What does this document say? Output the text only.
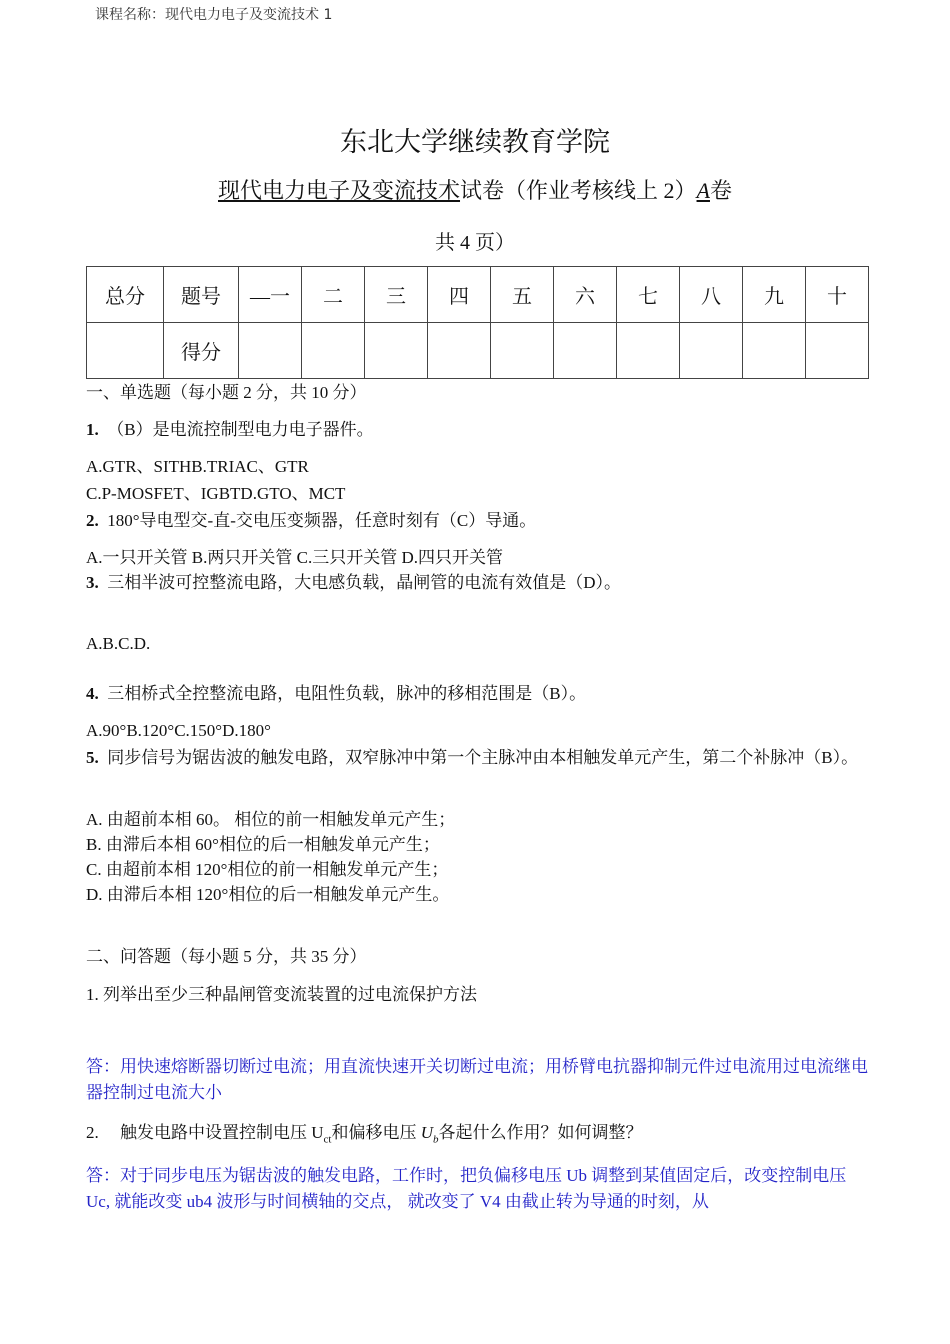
课程名称：现代电力电子及变流技术 1
东北大学继续教育学院
现代电力电子及变流技术试卷（作业考核线上 2）A卷
共 4 页）
总分	题号	—一	二	三	四	五	六	七	八	九	十
	得分										
一、单选题（每小题 2 分，共 10 分）
1. （B）是电流控制型电力电子器件。
A.GTR、SITHB.TRIAC、GTR
C.P-MOSFET、IGBTD.GTO、MCT
2. 180°导电型交-直-交电压变频器，任意时刻有（C）导通。
A.一只开关管 B.两只开关管 C.三只开关管 D.四只开关管
3. 三相半波可控整流电路，大电感负载，晶闸管的电流有效值是（D）。
A.B.C.D.
4. 三相桥式全控整流电路，电阻性负载，脉冲的移相范围是（B）。
A.90°B.120°C.150°D.180°
5. 同步信号为锯齿波的触发电路，双窄脉冲中第一个主脉冲由本相触发单元产生，第二个补脉冲（B）。
A. 由超前本相 60。 相位的前一相触发单元产生；
B. 由滞后本相 60°相位的后一相触发单元产生；
C. 由超前本相 120°相位的前一相触发单元产生；
D. 由滞后本相 120°相位的后一相触发单元产生。
二、问答题（每小题 5 分，共 35 分）
1. 列举出至少三种晶闸管变流装置的过电流保护方法
答：用快速熔断器切断过电流；用直流快速开关切断过电流；用桥臂电抗器抑制元件过电流用过电流继电器控制过电流大小
2. 触发电路中设置控制电压 $U_{ct}$和偏移电压 $U_b$各起什么作用？如何调整？
答：对于同步电压为锯齿波的触发电路，工作时，把负偏移电压 Ub 调整到某值固定后，改变控制电压 Uc, 就能改变 ub4 波形与时间横轴的交点， 就改变了 V4 由截止转为导通的时刻，从
